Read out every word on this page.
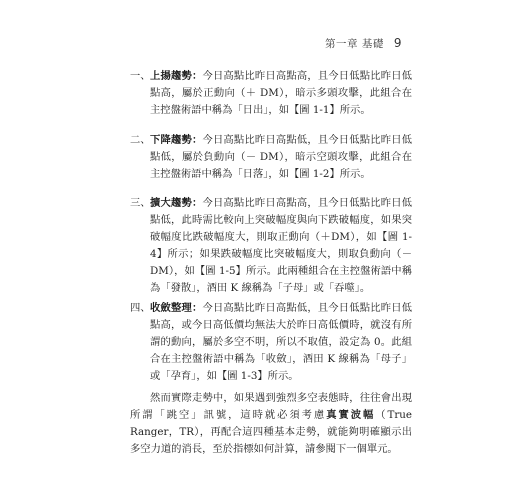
第一章 基礎 9
一、 上揚趨勢：今日高點比昨日高點高，且今日低點比昨日低點高，屬於正動向（＋ DM），暗示多頭攻擊，此組合在主控盤術語中稱為「日出」，如【圖 1-1】所示。
二、 下降趨勢：今日高點比昨日高點低，且今日低點比昨日低點低，屬於負動向（－ DM），暗示空頭攻擊，此組合在主控盤術語中稱為「日落」，如【圖 1-2】所示。
三、 擴大趨勢：今日高點比昨日高點高，且今日低點比昨日低點低，此時需比較向上突破幅度與向下跌破幅度，如果突破幅度比跌破幅度大，則取正動向（＋DM），如【圖 1-4】所示；如果跌破幅度比突破幅度大，則取負動向（－ DM），如【圖 1-5】所示。此兩種組合在主控盤術語中稱為「發散」，酒田 K 線稱為「子母」或「吞噬」。
四、 收斂整理：今日高點比昨日高點低，且今日低點比昨日低點高，或今日高低價均無法大於昨日高低價時，就沒有所謂的動向，屬於多空不明，所以不取值，設定為 0。此組合在主控盤術語中稱為「收斂」，酒田 K 線稱為「母子」或「孕育」，如【圖 1-3】所示。
然而實際走勢中，如果遇到強烈多空表態時，往往會出現所謂「跳空」訊號，這時就必須考慮真實波幅（True Ranger，TR），再配合這四種基本走勢，就能夠明確顯示出多空力道的消長，至於指標如何計算，請參閱下一個單元。
